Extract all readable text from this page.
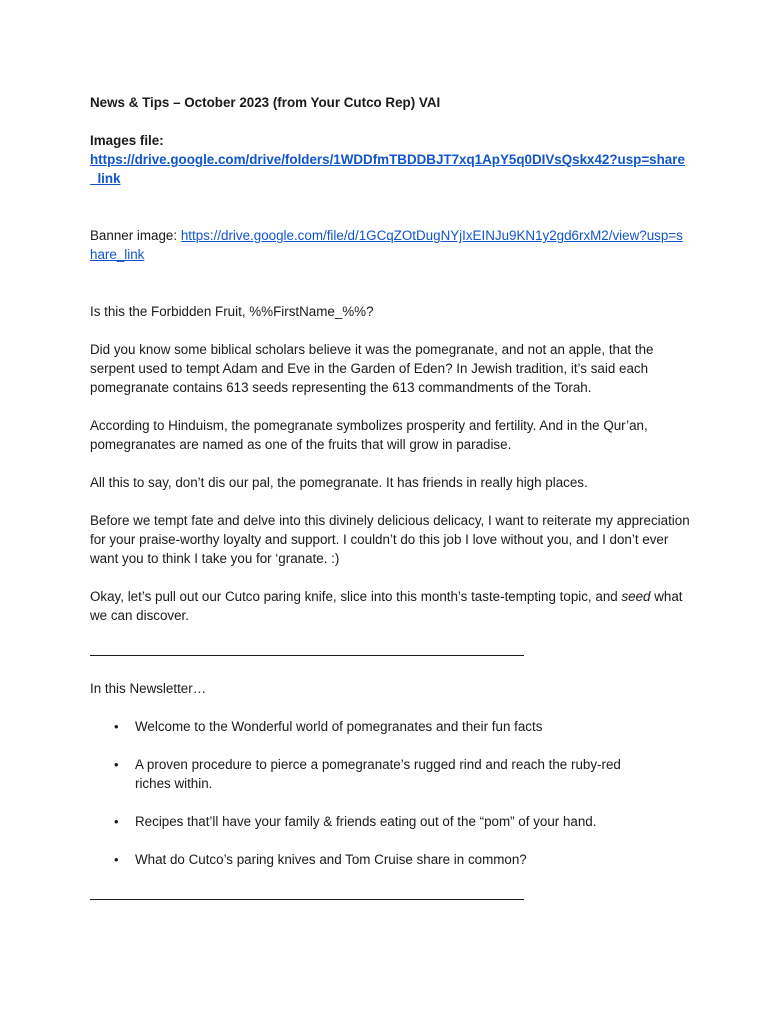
News & Tips – October 2023 (from Your Cutco Rep) VAI

Images file:

https://drive.google.com/drive/folders/1WDDfmTBDDBJT7xq1ApY5q0DIVsQskx42?usp=share_link

Banner image: https://drive.google.com/file/d/1GCqZOtDugNYjIxEINJu9KN1y2gd6rxM2/view?usp=share_link

Is this the Forbidden Fruit, %%FirstName_%%?

Did you know some biblical scholars believe it was the pomegranate, and not an apple, that the serpent used to tempt Adam and Eve in the Garden of Eden? In Jewish tradition, it’s said each pomegranate contains 613 seeds representing the 613 commandments of the Torah.

According to Hinduism, the pomegranate symbolizes prosperity and fertility. And in the Qur’an, pomegranates are named as one of the fruits that will grow in paradise.

All this to say, don’t dis our pal, the pomegranate. It has friends in really high places.

Before we tempt fate and delve into this divinely delicious delicacy, I want to reiterate my appreciation for your praise-worthy loyalty and support. I couldn’t do this job I love without you, and I don’t ever want you to think I take you for ‘granate. :)

Okay, let’s pull out our Cutco paring knife, slice into this month’s taste-tempting topic, and seed what we can discover.

In this Newsletter…

• Welcome to the Wonderful world of pomegranates and their fun facts
• A proven procedure to pierce a pomegranate’s rugged rind and reach the ruby-red riches within.
• Recipes that’ll have your family & friends eating out of the “pom” of your hand.
• What do Cutco’s paring knives and Tom Cruise share in common?
